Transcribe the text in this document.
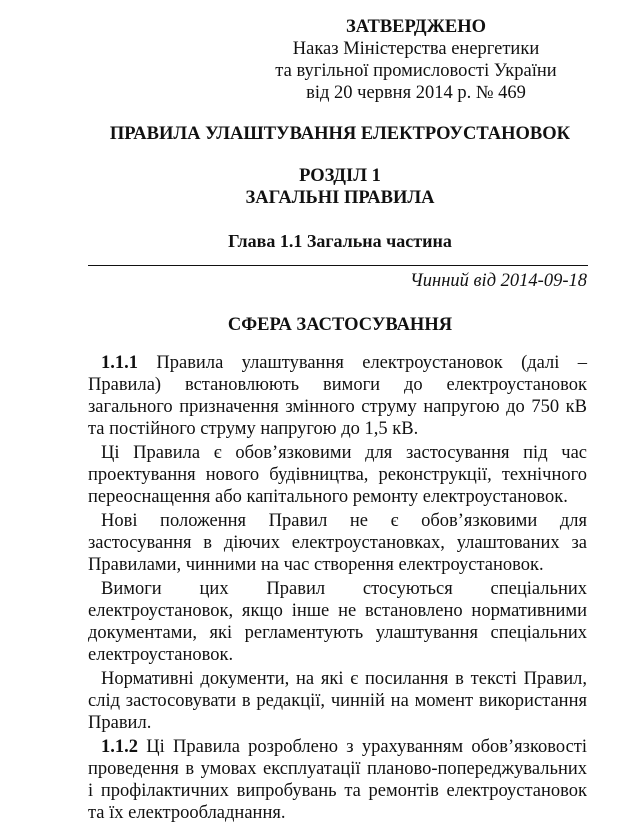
ЗАТВЕРДЖЕНО
Наказ Міністерства енергетики
та вугільної промисловості України
від 20 червня 2014 р. № 469
ПРАВИЛА УЛАШТУВАННЯ ЕЛЕКТРОУСТАНОВОК
РОЗДІЛ 1
ЗАГАЛЬНІ ПРАВИЛА
Глава 1.1 Загальна частина
Чинний від 2014-09-18
СФЕРА ЗАСТОСУВАННЯ

1.1.1 Правила улаштування електроустановок (далі – Правила) встановлюють вимоги до електроустановок загального призначення змінного струму напругою до 750 кВ та постійного струму напругою до 1,5 кВ.

Ці Правила є обов’язковими для застосування під час проектування нового будівництва, реконструкції, технічного переоснащення або капітального ремонту електроустановок.

Нові положення Правил не є обов’язковими для застосування в діючих електроустановках, улаштованих за Правилами, чинними на час створення електроустановок.

Вимоги цих Правил стосуються спеціальних електроустановок, якщо інше не встановлено нормативними документами, які регламентують улаштування спеціальних електроустановок.

Нормативні документи, на які є посилання в тексті Правил, слід застосовувати в редакції, чинній на момент використання Правил.

1.1.2 Ці Правила розроблено з урахуванням обов’язковості проведення в умовах експлуатації планово-попереджувальних і профілактичних випробувань та ремонтів електроустановок та їх електрообладнання.
